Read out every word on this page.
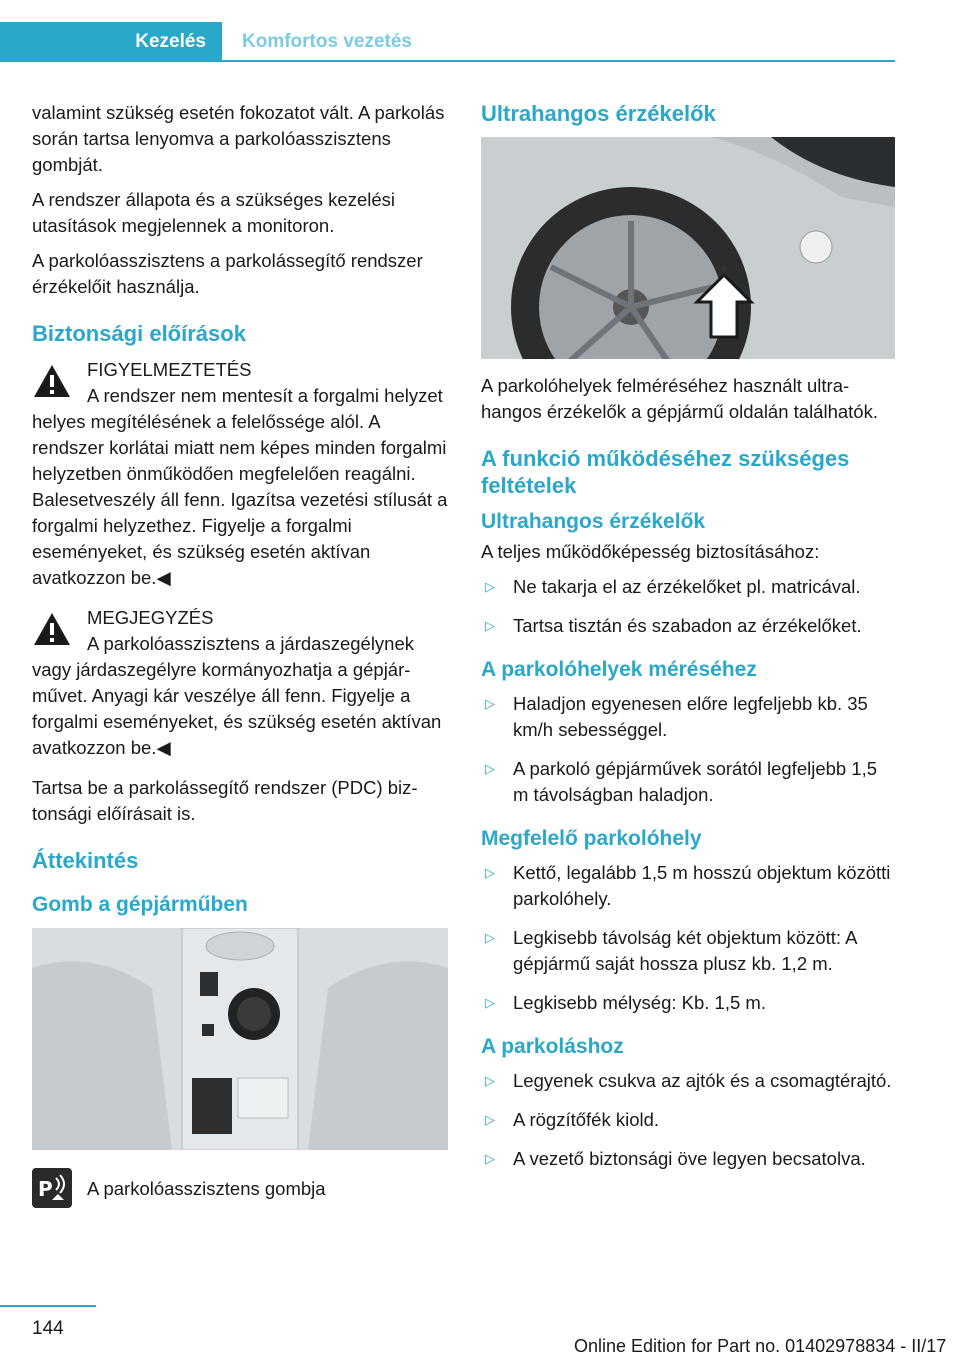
Kezelés	Komfortos vezetés

valamint szükség esetén fokozatot vált. A parkolás során tartsa lenyomva a parkolóasszisztens gombját.

A rendszer állapota és a szükséges kezelési utasítások megjelennek a monitoron.

A parkolóasszisztens a parkolássegítő rendszer érzékelőit használja.

Biztonsági előírások
FIGYELMEZTETÉS
A rendszer nem mentesít a forgalmi helyzet helyes megítélésének a felelőssége alól. A rendszer korlátai miatt nem képes minden forgalmi helyzetben önműködően megfelelően reagálni. Balesetveszély áll fenn. Igazítsa vezetési stílusát a forgalmi helyzethez. Figyelje a forgalmi eseményeket, és szükség esetén aktívan avatkozzon be.◀
MEGJEGYZÉS
A parkolóasszisztens a járdaszegélynek vagy járdaszegélyre kormányozhatja a gépjárművet. Anyagi kár veszélye áll fenn. Figyelje a forgalmi eseményeket, és szükség esetén aktívan avatkozzon be.◀

Tartsa be a parkolássegítő rendszer (PDC) biztonsági előírásait is.

Áttekintés
Gomb a gépjárműben
P	A parkolóasszisztens gombja
Ultrahangos érzékelők

A parkolóhelyek felméréséhez használt ultrahangos érzékelők a gépjármű oldalán találhatók.

A funkció működéséhez szükséges feltételek
Ultrahangos érzékelők

A teljes működőképesség biztosításához:

▷ Ne takarja el az érzékelőket pl. matricával.
▷ Tartsa tisztán és szabadon az érzékelőket.
A parkolóhelyek méréséhez
▷ Haladjon egyenesen előre legfeljebb kb. 35 km/h sebességgel.
▷ A parkoló gépjárművek sorától legfeljebb 1,5 m távolságban haladjon.
Megfelelő parkolóhely
▷ Kettő, legalább 1,5 m hosszú objektum közötti parkolóhely.
▷ Legkisebb távolság két objektum között: A gépjármű saját hossza plusz kb. 1,2 m.
▷ Legkisebb mélység: Kb. 1,5 m.
A parkoláshoz
▷ Legyenek csukva az ajtók és a csomagtérajtó.
▷ A rögzítőfék kiold.
▷ A vezető biztonsági öve legyen becsatolva.
144
Online Edition for Part no. 01402978834 - II/17
